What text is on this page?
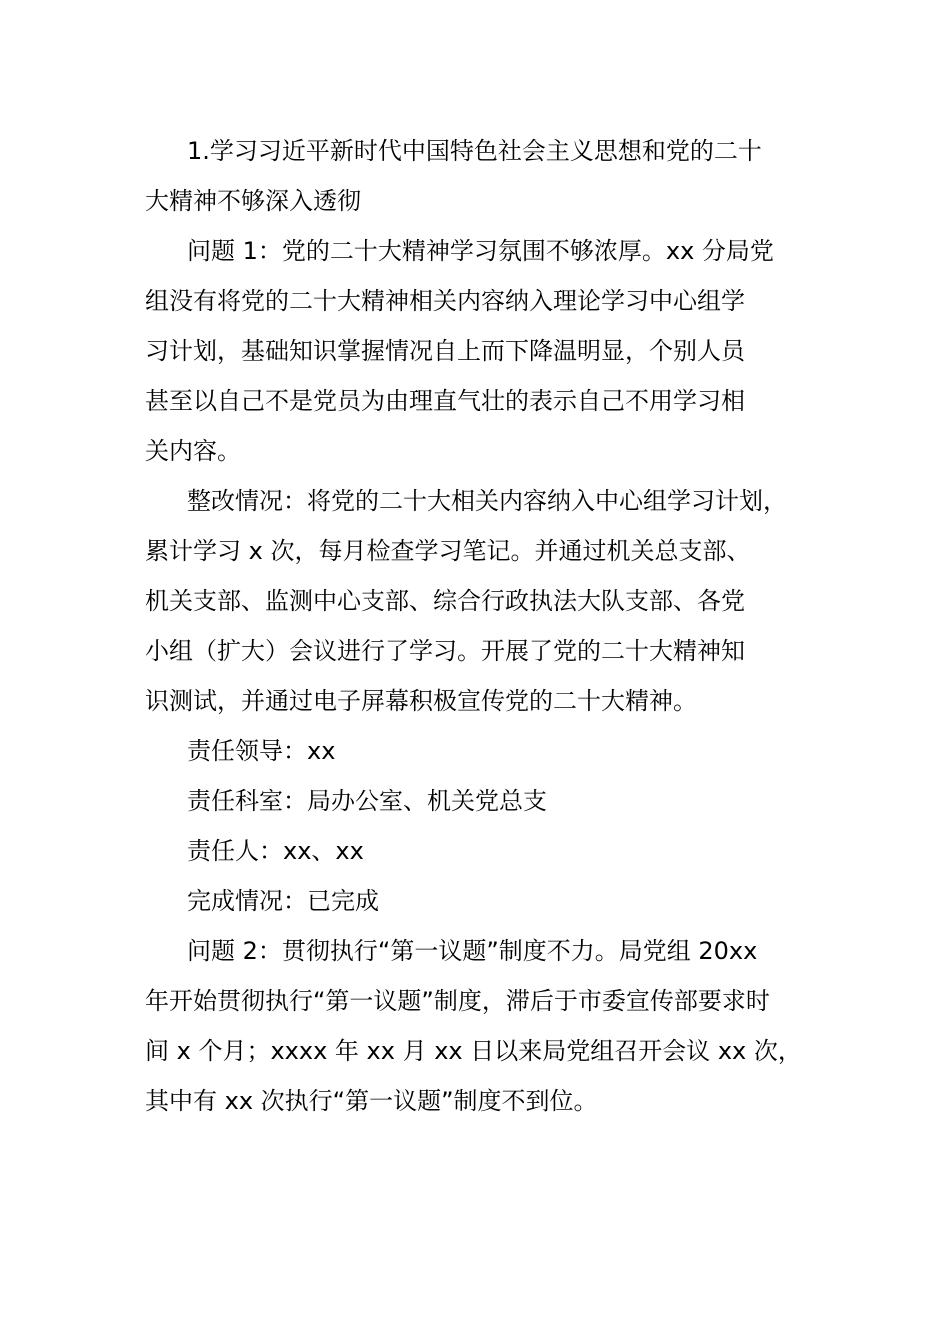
1.学习习近平新时代中国特色社会主义思想和党的二十
大精神不够深入透彻

问题 1：党的二十大精神学习氛围不够浓厚。xx 分局党
组没有将党的二十大精神相关内容纳入理论学习中心组学
习计划，基础知识掌握情况自上而下降温明显，个别人员
甚至以自己不是党员为由理直气壮的表示自己不用学习相
关内容。

整改情况：将党的二十大相关内容纳入中心组学习计划，
累计学习 x 次，每月检查学习笔记。并通过机关总支部、
机关支部、监测中心支部、综合行政执法大队支部、各党
小组（扩大）会议进行了学习。开展了党的二十大精神知
识测试，并通过电子屏幕积极宣传党的二十大精神。

责任领导：xx

责任科室：局办公室、机关党总支

责任人：xx、xx

完成情况：已完成

问题 2：贯彻执行“第一议题”制度不力。局党组 20xx
年开始贯彻执行“第一议题”制度，滞后于市委宣传部要求时
间 x 个月；xxxx 年 xx 月 xx 日以来局党组召开会议 xx 次，
其中有 xx 次执行“第一议题”制度不到位。
